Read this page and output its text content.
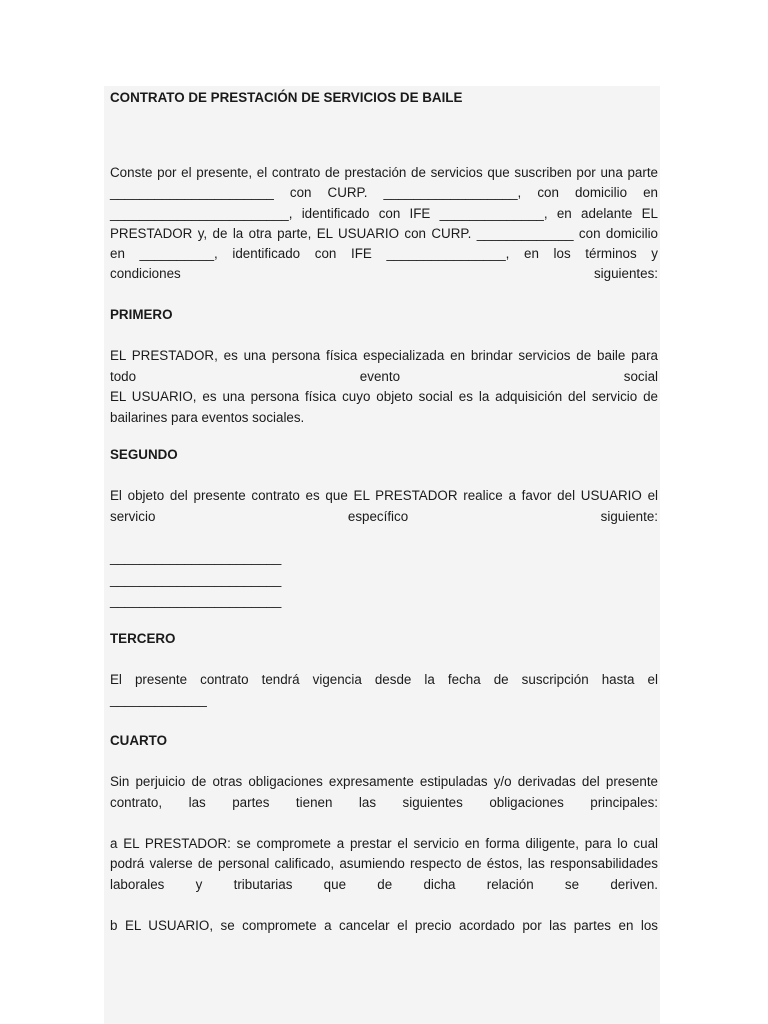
CONTRATO DE PRESTACIÓN DE SERVICIOS DE BAILE
Conste por el presente, el contrato de prestación de servicios que suscriben por una parte
______________________ con CURP. __________________, con domicilio en
________________________, identificado con IFE ______________, en adelante EL
PRESTADOR y, de la otra parte, EL USUARIO con CURP. _____________ con domicilio
en __________, identificado con IFE ________________, en los términos y
condiciones siguientes:
PRIMERO
EL PRESTADOR, es una persona física especializada en brindar servicios de baile para
todo evento social
EL USUARIO, es una persona física cuyo objeto social es la adquisición del servicio de
bailarines para eventos sociales.
SEGUNDO
El objeto del presente contrato es que EL PRESTADOR realice a favor del USUARIO el
servicio específico siguiente:
_______________________
_______________________
_______________________
TERCERO
El presente contrato tendrá vigencia desde la fecha de suscripción hasta el
_____________
CUARTO
Sin perjuicio de otras obligaciones expresamente estipuladas y/o derivadas del presente
contrato, las partes tienen las siguientes obligaciones principales:
a EL PRESTADOR: se compromete a prestar el servicio en forma diligente, para lo cual
podrá valerse de personal calificado, asumiendo respecto de éstos, las responsabilidades
laborales y tributarias que de dicha relación se deriven.
b EL USUARIO, se compromete a cancelar el precio acordado por las partes en los
